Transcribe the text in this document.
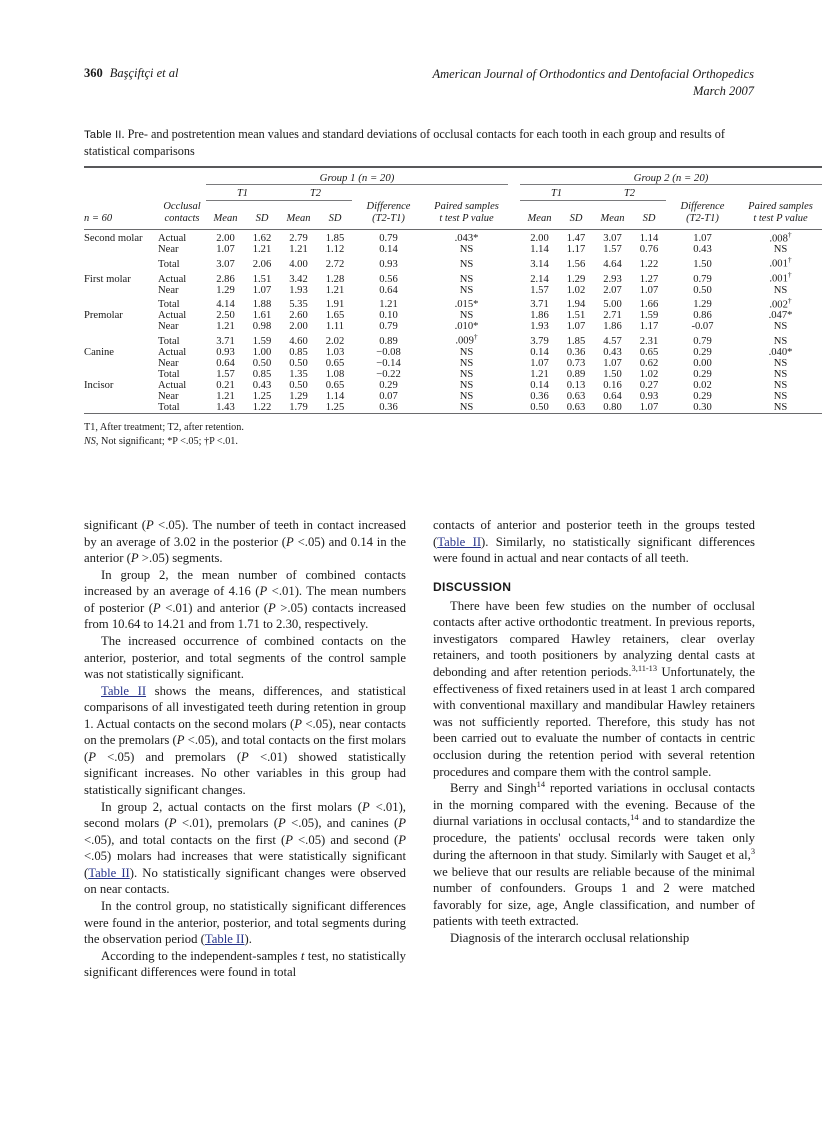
360 Başçiftçi et al	American Journal of Orthodontics and Dentofacial Orthopedics
March 2007
Table II. Pre- and postretention mean values and standard deviations of occlusal contacts for each tooth in each group and results of statistical comparisons

		Group 1 (n = 20)							Group 2 (n = 20)					

		T1		T2					T1		T2			
	Occlusal					Difference	Paired samples						Difference	Paired samples
n = 60	contacts	Mean	SD	Mean	SD	(T2-T1)	t test P value		Mean	SD	Mean	SD	(T2-T1)	t test P value

Second molar	Actual	2.00	1.62	2.79	1.85	0.79	.043*		2.00	1.47	3.07	1.14	1.07	.008†
	Near	1.07	1.21	1.21	1.12	0.14	NS		1.14	1.17	1.57	0.76	0.43	NS
	Total	3.07	2.06	4.00	2.72	0.93	NS		3.14	1.56	4.64	1.22	1.50	.001†
First molar	Actual	2.86	1.51	3.42	1.28	0.56	NS		2.14	1.29	2.93	1.27	0.79	.001†
	Near	1.29	1.07	1.93	1.21	0.64	NS		1.57	1.02	2.07	1.07	0.50	NS
	Total	4.14	1.88	5.35	1.91	1.21	.015*		3.71	1.94	5.00	1.66	1.29	.002†
Premolar	Actual	2.50	1.61	2.60	1.65	0.10	NS		1.86	1.51	2.71	1.59	0.86	.047*
	Near	1.21	0.98	2.00	1.11	0.79	.010*		1.93	1.07	1.86	1.17	-0.07	NS
	Total	3.71	1.59	4.60	2.02	0.89	.009†		3.79	1.85	4.57	2.31	0.79	NS
Canine	Actual	0.93	1.00	0.85	1.03	−0.08	NS		0.14	0.36	0.43	0.65	0.29	.040*
	Near	0.64	0.50	0.50	0.65	−0.14	NS		1.07	0.73	1.07	0.62	0.00	NS
	Total	1.57	0.85	1.35	1.08	−0.22	NS		1.21	0.89	1.50	1.02	0.29	NS
Incisor	Actual	0.21	0.43	0.50	0.65	0.29	NS		0.14	0.13	0.16	0.27	0.02	NS
	Near	1.21	1.25	1.29	1.14	0.07	NS		0.36	0.63	0.64	0.93	0.29	NS
	Total	1.43	1.22	1.79	1.25	0.36	NS		0.50	0.63	0.80	1.07	0.30	NS

T1, After treatment; T2, after retention.
NS, Not significant; *P <.05; †P <.01.

significant (P <.05). The number of teeth in contact increased by an average of 3.02 in the posterior (P <.05) and 0.14 in the anterior (P >.05) segments.

In group 2, the mean number of combined contacts increased by an average of 4.16 (P <.01). The mean numbers of posterior (P <.01) and anterior (P >.05) contacts increased from 10.64 to 14.21 and from 1.71 to 2.30, respectively.

The increased occurrence of combined contacts on the anterior, posterior, and total segments of the control sample was not statistically significant.

Table II shows the means, differences, and statistical comparisons of all investigated teeth during retention in group 1. Actual contacts on the second molars (P <.05), near contacts on the premolars (P <.05), and total contacts on the first molars (P <.05) and premolars (P <.01) showed statistically significant increases. No other variables in this group had statistically significant changes.

In group 2, actual contacts on the first molars (P <.01), second molars (P <.01), premolars (P <.05), and canines (P <.05), and total contacts on the first (P <.05) and second (P <.05) molars had increases that were statistically significant (Table II). No statistically significant changes were observed on near contacts.

In the control group, no statistically significant differences were found in the anterior, posterior, and total segments during the observation period (Table II).

According to the independent-samples t test, no statistically significant differences were found in total

contacts of anterior and posterior teeth in the groups tested (Table II). Similarly, no statistically significant differences were found in actual and near contacts of all teeth.

DISCUSSION

There have been few studies on the number of occlusal contacts after active orthodontic treatment. In previous reports, investigators compared Hawley retainers, clear overlay retainers, and tooth positioners by analyzing dental casts at debonding and after retention periods.$^{3,11-13}$ Unfortunately, the effectiveness of fixed retainers used in at least 1 arch compared with conventional maxillary and mandibular Hawley retainers was not sufficiently reported. Therefore, this study has not been carried out to evaluate the number of contacts in centric occlusion during the retention period with several retention procedures and compare them with the control sample.

Berry and Singh$^{14}$ reported variations in occlusal contacts in the morning compared with the evening. Because of the diurnal variations in occlusal contacts,$^{14}$ and to standardize the procedure, the patients' occlusal records were taken only during the afternoon in that study. Similarly with Sauget et al,$^3$ we believe that our results are reliable because of the minimal number of confounders. Groups 1 and 2 were matched favorably for size, age, Angle classification, and number of patients with teeth extracted.

Diagnosis of the interarch occlusal relationship
